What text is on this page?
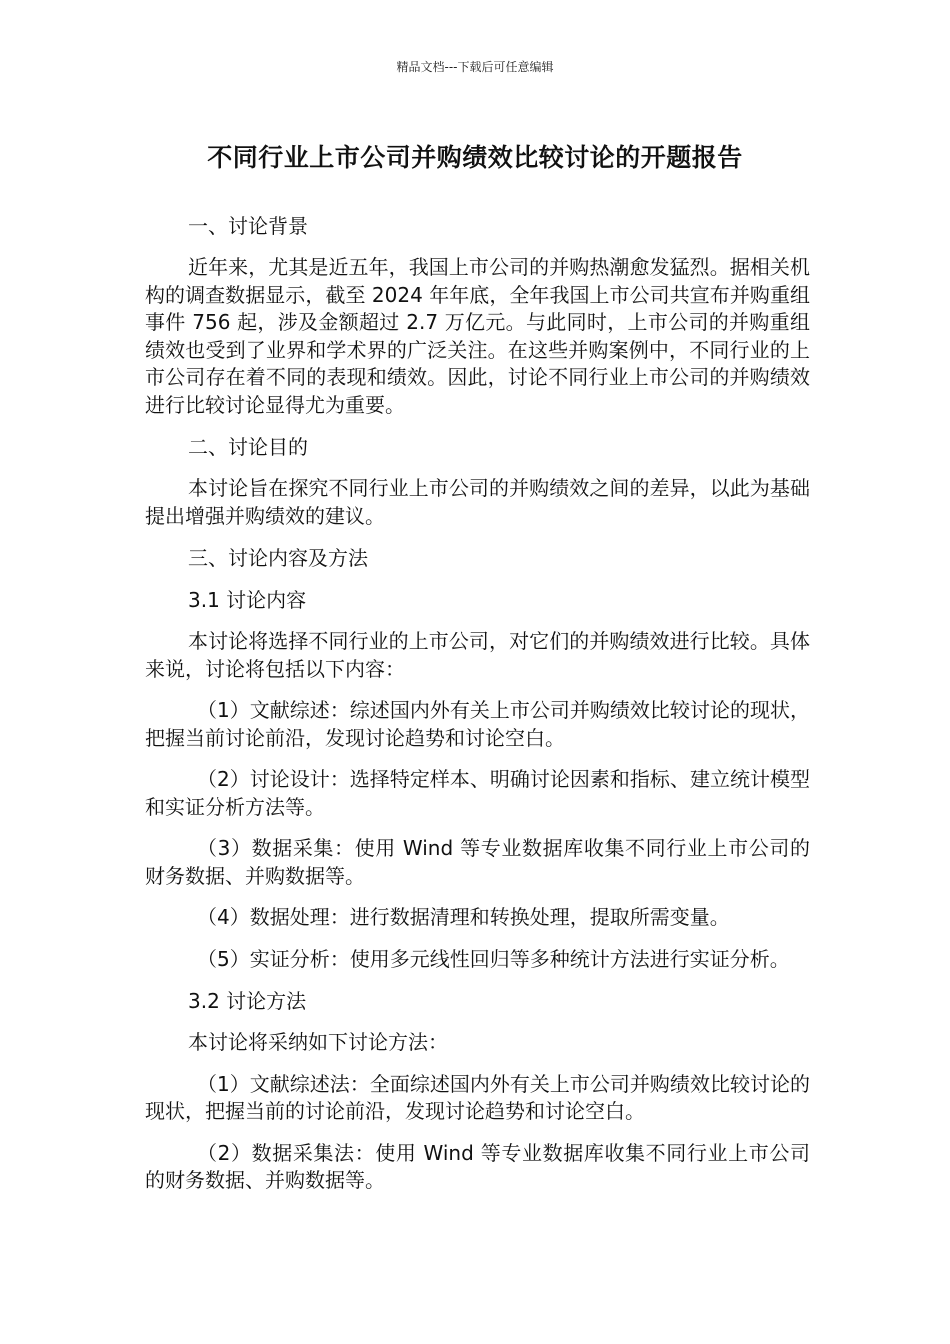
精品文档---下载后可任意编辑
不同行业上市公司并购绩效比较讨论的开题报告
一、讨论背景
近年来，尤其是近五年，我国上市公司的并购热潮愈发猛烈。据相关机构的调查数据显示，截至 2024 年年底，全年我国上市公司共宣布并购重组事件 756 起，涉及金额超过 2.7 万亿元。与此同时，上市公司的并购重组绩效也受到了业界和学术界的广泛关注。在这些并购案例中，不同行业的上市公司存在着不同的表现和绩效。因此，讨论不同行业上市公司的并购绩效进行比较讨论显得尤为重要。
二、讨论目的
本讨论旨在探究不同行业上市公司的并购绩效之间的差异，以此为基础提出增强并购绩效的建议。
三、讨论内容及方法
3.1 讨论内容
本讨论将选择不同行业的上市公司，对它们的并购绩效进行比较。具体来说，讨论将包括以下内容：
（1）文献综述：综述国内外有关上市公司并购绩效比较讨论的现状，把握当前讨论前沿，发现讨论趋势和讨论空白。
（2）讨论设计：选择特定样本、明确讨论因素和指标、建立统计模型和实证分析方法等。
（3）数据采集：使用 Wind 等专业数据库收集不同行业上市公司的财务数据、并购数据等。
（4）数据处理：进行数据清理和转换处理，提取所需变量。
（5）实证分析：使用多元线性回归等多种统计方法进行实证分析。
3.2 讨论方法
本讨论将采纳如下讨论方法：
（1）文献综述法：全面综述国内外有关上市公司并购绩效比较讨论的现状，把握当前的讨论前沿，发现讨论趋势和讨论空白。
（2）数据采集法：使用 Wind 等专业数据库收集不同行业上市公司的财务数据、并购数据等。
